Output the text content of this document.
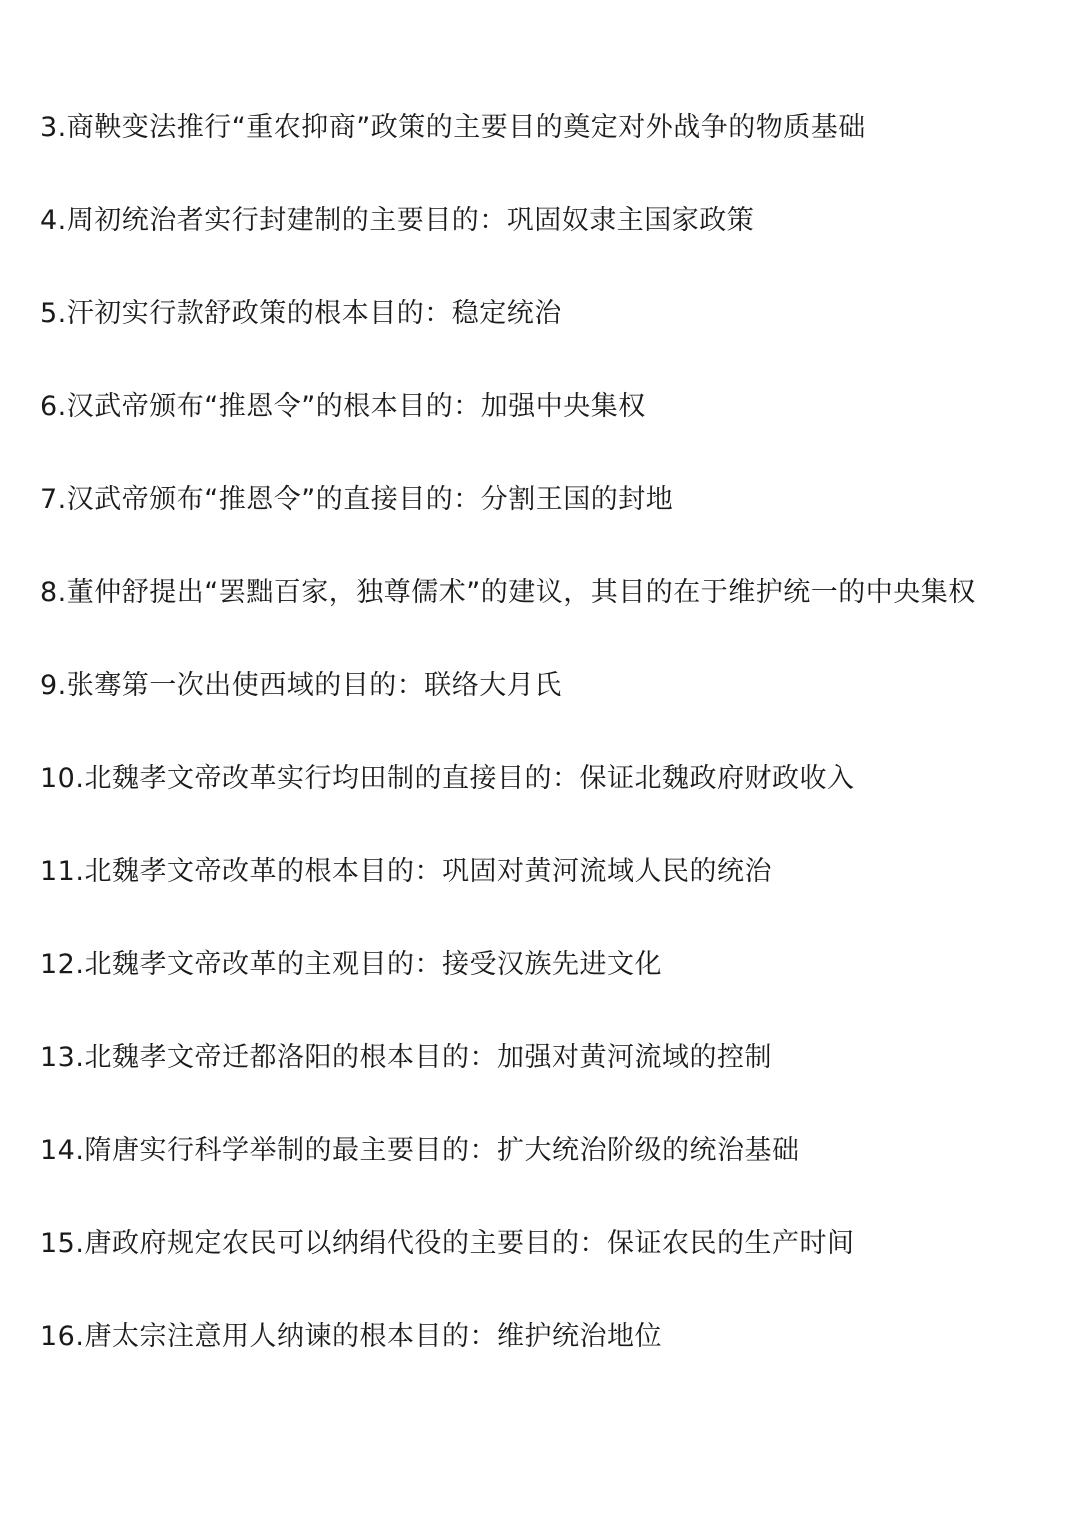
3.商鞅变法推行“重农抑商”政策的主要目的奠定对外战争的物质基础

4.周初统治者实行封建制的主要目的：巩固奴隶主国家政策

5.汗初实行款舒政策的根本目的：稳定统治

6.汉武帝颁布“推恩令”的根本目的：加强中央集权

7.汉武帝颁布“推恩令”的直接目的：分割王国的封地

8.董仲舒提出“罢黜百家，独尊儒术”的建议，其目的在于维护统一的中央集权

9.张骞第一次出使西域的目的：联络大月氏

10.北魏孝文帝改革实行均田制的直接目的：保证北魏政府财政收入

11.北魏孝文帝改革的根本目的：巩固对黄河流域人民的统治

12.北魏孝文帝改革的主观目的：接受汉族先进文化

13.北魏孝文帝迁都洛阳的根本目的：加强对黄河流域的控制

14.隋唐实行科学举制的最主要目的：扩大统治阶级的统治基础

15.唐政府规定农民可以纳绢代役的主要目的：保证农民的生产时间

16.唐太宗注意用人纳谏的根本目的：维护统治地位
